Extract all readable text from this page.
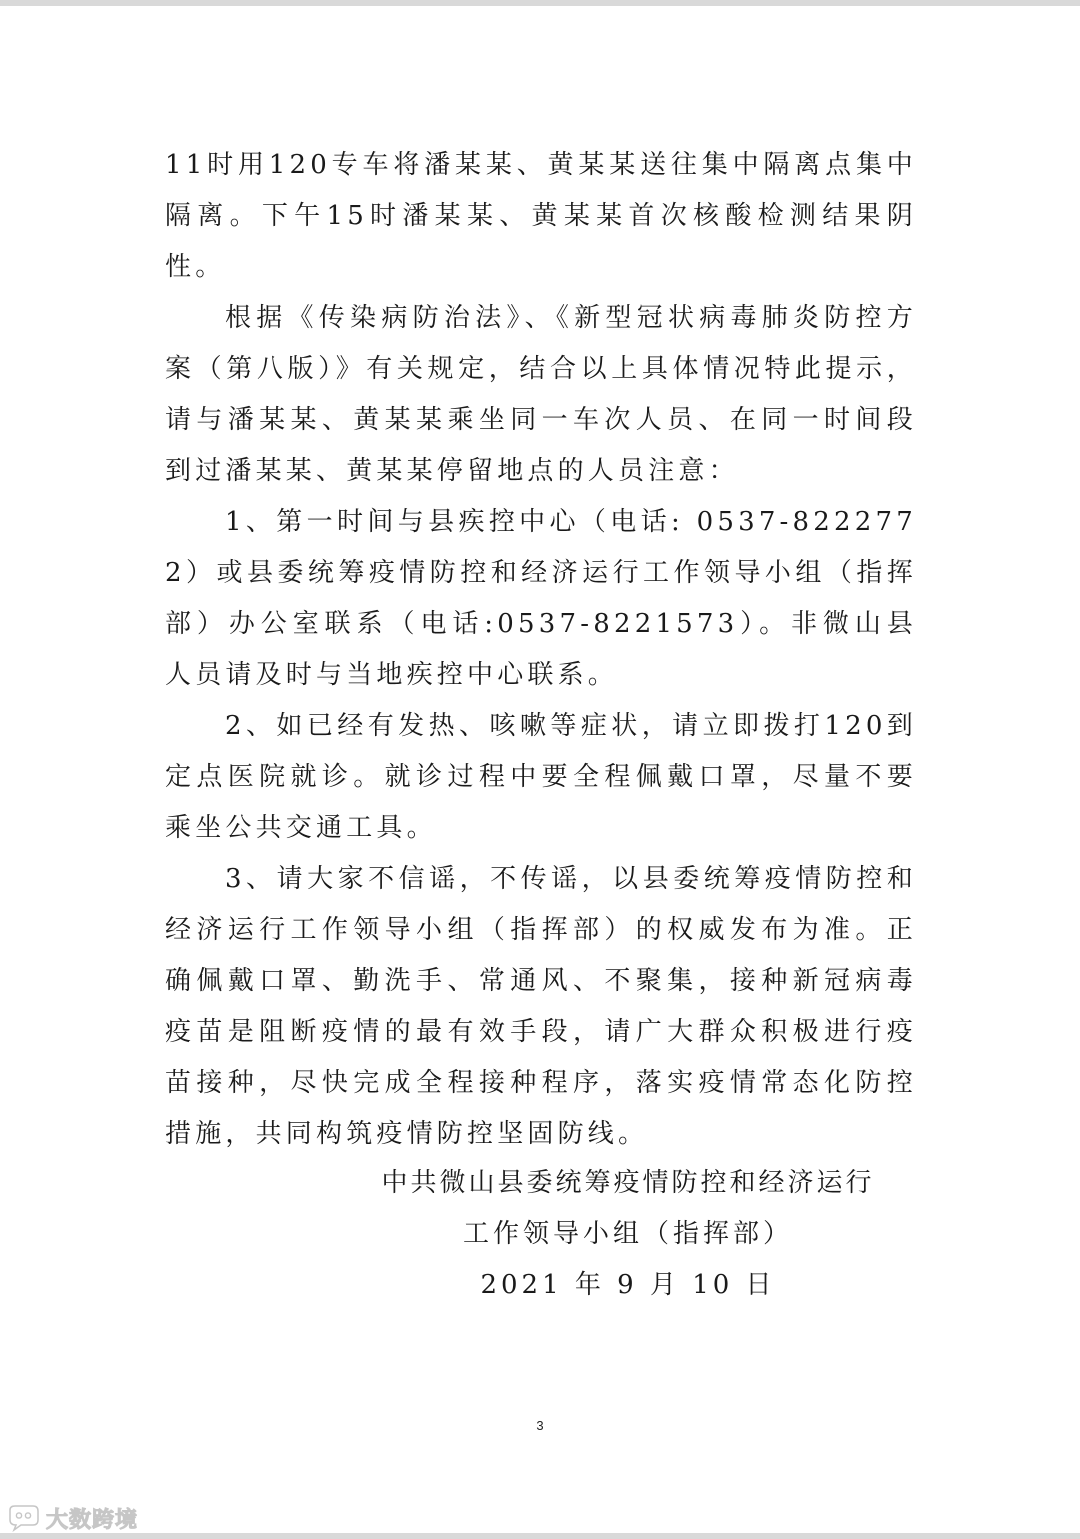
11时用120专车将潘某某、黄某某送往集中隔离点集中隔离。下午15时潘某某、黄某某首次核酸检测结果阴性。

根据《传染病防治法》、《新型冠状病毒肺炎防控方案（第八版）》有关规定，结合以上具体情况特此提示，请与潘某某、黄某某乘坐同一车次人员、在同一时间段到过潘某某、黄某某停留地点的人员注意：

1、第一时间与县疾控中心（电话: 0537-8222772）或县委统筹疫情防控和经济运行工作领导小组（指挥部）办公室联系（电话:0537-8221573）。非微山县人员请及时与当地疾控中心联系。

2、如已经有发热、咳嗽等症状，请立即拨打120到定点医院就诊。就诊过程中要全程佩戴口罩，尽量不要乘坐公共交通工具。

3、请大家不信谣，不传谣，以县委统筹疫情防控和经济运行工作领导小组（指挥部）的权威发布为准。正确佩戴口罩、勤洗手、常通风、不聚集，接种新冠病毒疫苗是阻断疫情的最有效手段，请广大群众积极进行疫苗接种，尽快完成全程接种程序，落实疫情常态化防控措施，共同构筑疫情防控坚固防线。

中共微山县委统筹疫情防控和经济运行
工作领导小组（指挥部）
2021 年 9 月 10 日
3
大数跨境
